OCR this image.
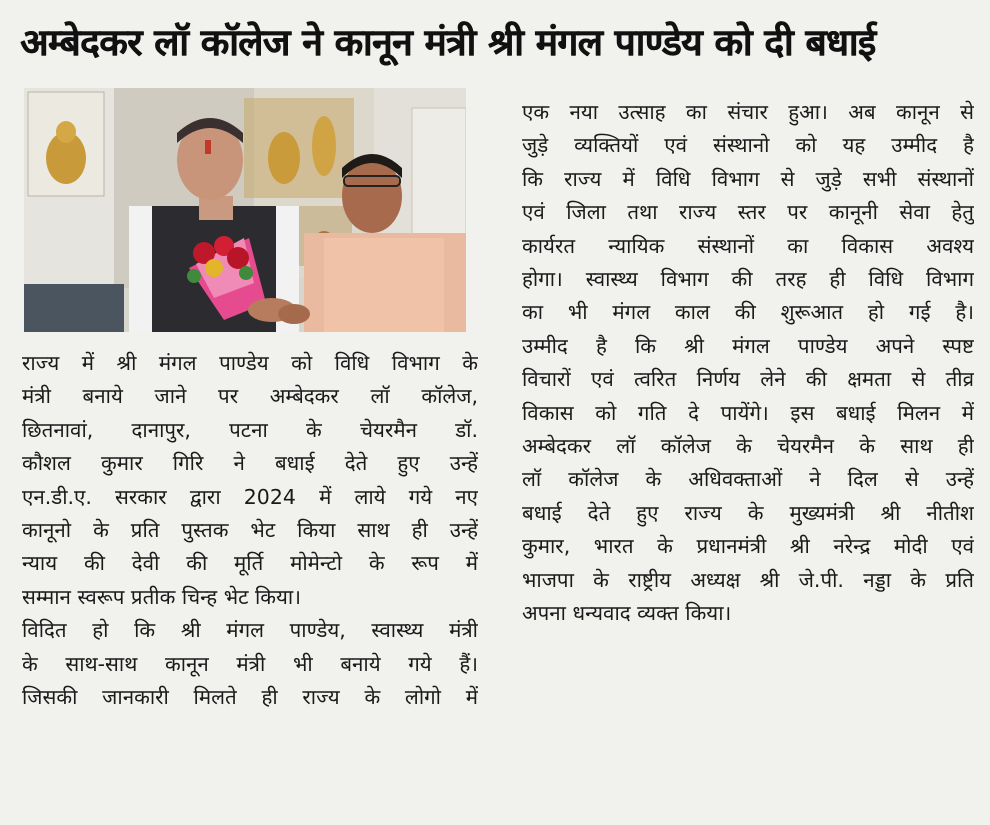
अम्बेदकर लॉ कॉलेज ने कानून मंत्री श्री मंगल पाण्डेय को दी बधाई
राज्य में श्री मंगल पाण्डेय को विधि विभाग के
मंत्री बनाये जाने पर अम्बेदकर लॉ कॉलेज,
छितनावां, दानापुर, पटना के चेयरमैन डॉ.
कौशल कुमार गिरि ने बधाई देते हुए उन्हें
एन.डी.ए. सरकार द्वारा 2024 में लाये गये नए
कानूनो के प्रति पुस्तक भेट किया साथ ही उन्हें
न्याय की देवी की मूर्ति मोमेन्टो के रूप में
सम्मान स्वरूप प्रतीक चिन्ह भेट किया।
विदित हो कि श्री मंगल पाण्डेय, स्वास्थ्य मंत्री
के साथ-साथ कानून मंत्री भी बनाये गये हैं।
जिसकी जानकारी मिलते ही राज्य के लोगो में
एक नया उत्साह का संचार हुआ। अब कानून से
जुड़े व्यक्तियों एवं संस्थानो को यह उम्मीद है
कि राज्य में विधि विभाग से जुड़े सभी संस्थानों
एवं जिला तथा राज्य स्तर पर कानूनी सेवा हेतु
कार्यरत न्यायिक संस्थानों का विकास अवश्य
होगा। स्वास्थ्य विभाग की तरह ही विधि विभाग
का भी मंगल काल की शुरूआत हो गई है।
उम्मीद है कि श्री मंगल पाण्डेय अपने स्पष्ट
विचारों एवं त्वरित निर्णय लेने की क्षमता से तीव्र
विकास को गति दे पायेंगे। इस बधाई मिलन में
अम्बेदकर लॉ कॉलेज के चेयरमैन के साथ ही
लॉ कॉलेज के अधिवक्ताओं ने दिल से उन्हें
बधाई देते हुए राज्य के मुख्यमंत्री श्री नीतीश
कुमार, भारत के प्रधानमंत्री श्री नरेन्द्र मोदी एवं
भाजपा के राष्ट्रीय अध्यक्ष श्री जे.पी. नड्डा के प्रति
अपना धन्यवाद व्यक्त किया।
